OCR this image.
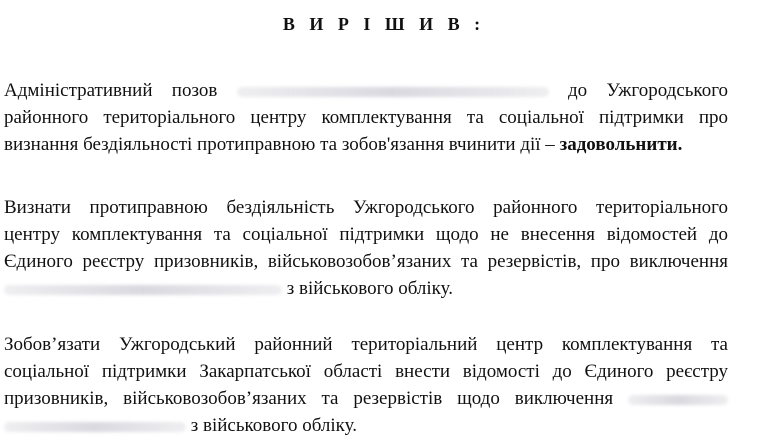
В И Р І Ш И В :
Адміністративний позов	до Ужгородського
районного територіального центру комплектування та соціальної підтримки про
визнання бездіяльності протиправною та зобов'язання вчинити дії – задовольнити.
Визнати протиправною бездіяльність Ужгородського районного територіального
центру комплектування та соціальної підтримки щодо не внесення відомостей до
Єдиного реєстру призовників, військовозобов’язаних та резервістів, про виключення
з військового обліку.
Зобов’язати Ужгородський районний територіальний центр комплектування та
соціальної підтримки Закарпатської області внести відомості до Єдиного реєстру
призовників, військовозобов’язаних та резервістів щодо виключення
з військового обліку.
